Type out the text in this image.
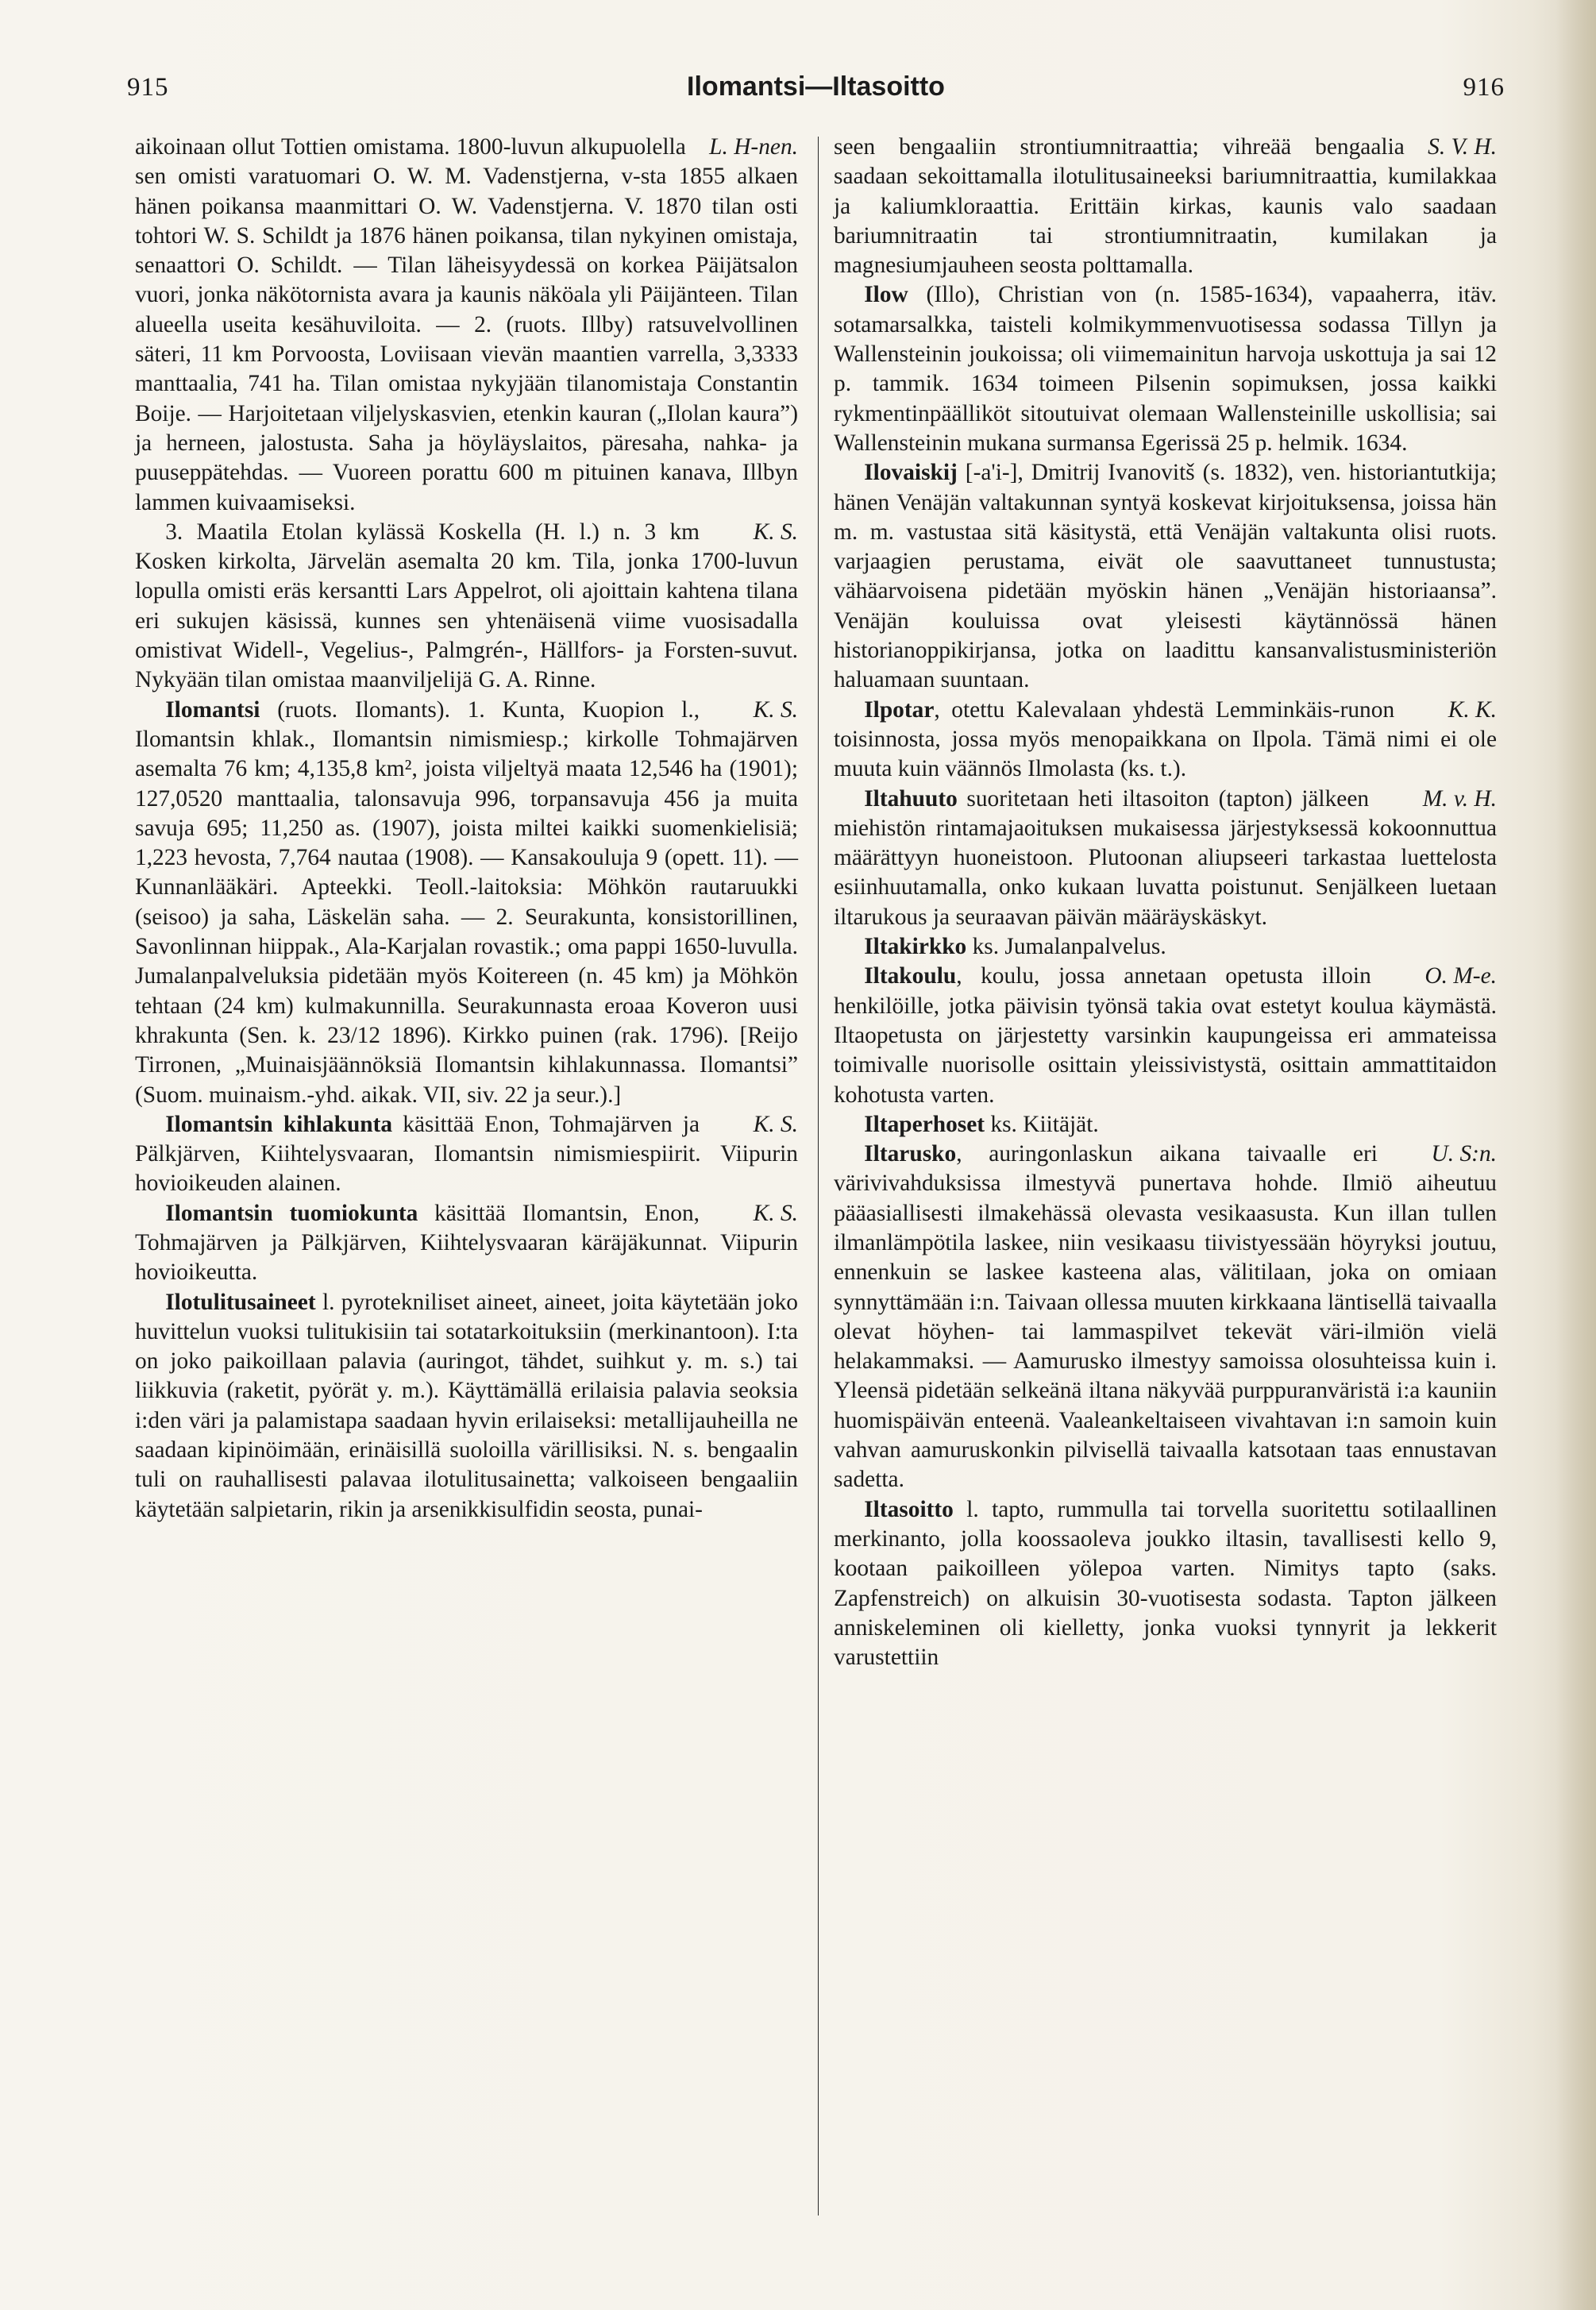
915	Ilomantsi—Iltasoitto	916

L. H-nen.
aikoinaan ollut Tottien omistama. 1800-luvun alkupuolella sen omisti varatuomari O. W. M. Vadenstjerna, v-sta 1855 alkaen hänen poikansa maanmittari O. W. Vadenstjerna. V. 1870 tilan osti tohtori W. S. Schildt ja 1876 hänen poikansa, tilan nykyinen omistaja, senaattori O. Schildt. — Tilan läheisyydessä on korkea Päijätsalon vuori, jonka näkötornista avara ja kaunis näköala yli Päijänteen. Tilan alueella useita kesähuviloita. — 2. (ruots. Illby) ratsuvelvollinen säteri, 11 km Porvoosta, Loviisaan vievän maantien varrella, 3,3333 manttaalia, 741 ha. Tilan omistaa nykyjään tilanomistaja Constantin Boije. — Harjoitetaan viljelyskasvien, etenkin kauran („Ilolan kaura”) ja herneen, jalostusta. Saha ja höyläyslaitos, päresaha, nahka- ja puuseppätehdas. — Vuoreen porattu 600 m pituinen kanava, Illbyn lammen kuivaamiseksi.

K. S.
3. Maatila Etolan kylässä Koskella (H. l.) n. 3 km Kosken kirkolta, Järvelän asemalta 20 km. Tila, jonka 1700-luvun lopulla omisti eräs kersantti Lars Appelrot, oli ajoittain kahtena tilana eri sukujen käsissä, kunnes sen yhtenäisenä viime vuosisadalla omistivat Widell-, Vegelius-, Palmgrén-, Hällfors- ja Forsten-suvut. Nykyään tilan omistaa maanviljelijä G. A. Rinne.

K. S.
Ilomantsi (ruots. Ilomants). 1. Kunta, Kuopion l., Ilomantsin khlak., Ilomantsin nimismiesp.; kirkolle Tohmajärven asemalta 76 km; 4,135,8 km², joista viljeltyä maata 12,546 ha (1901); 127,0520 manttaalia, talonsavuja 996, torpansavuja 456 ja muita savuja 695; 11,250 as. (1907), joista miltei kaikki suomenkielisiä; 1,223 hevosta, 7,764 nautaa (1908). — Kansakouluja 9 (opett. 11). — Kunnanlääkäri. Apteekki. Teoll.-laitoksia: Möhkön rautaruukki (seisoo) ja saha, Läskelän saha. — 2. Seurakunta, konsistorillinen, Savonlinnan hiippak., Ala-Karjalan rovastik.; oma pappi 1650-luvulla. Jumalanpalveluksia pidetään myös Koitereen (n. 45 km) ja Möhkön tehtaan (24 km) kulmakunnilla. Seurakunnasta eroaa Koveron uusi khrakunta (Sen. k. 23/12 1896). Kirkko puinen (rak. 1796). [Reijo Tirronen, „Muinaisjäännöksiä Ilomantsin kihlakunnassa. Ilomantsi” (Suom. muinaism.-yhd. aikak. VII, siv. 22 ja seur.).]

K. S.
Ilomantsin kihlakunta käsittää Enon, Tohmajärven ja Pälkjärven, Kiihtelysvaaran, Ilomantsin nimismiespiirit. Viipurin hovioikeuden alainen.

K. S.
Ilomantsin tuomiokunta käsittää Ilomantsin, Enon, Tohmajärven ja Pälkjärven, Kiihtelysvaaran käräjäkunnat. Viipurin hovioikeutta.

Ilotulitusaineet l. pyrotekniliset aineet, aineet, joita käytetään joko huvittelun vuoksi tulitukisiin tai sotatarkoituksiin (merkinantoon). I:ta on joko paikoillaan palavia (auringot, tähdet, suihkut y. m. s.) tai liikkuvia (raketit, pyörät y. m.). Käyttämällä erilaisia palavia seoksia i:den väri ja palamistapa saadaan hyvin erilaiseksi: metallijauheilla ne saadaan kipinöimään, erinäisillä suoloilla värillisiksi. N. s. bengaalin tuli on rauhallisesti palavaa ilotulitusainetta; valkoiseen bengaaliin käytetään salpietarin, rikin ja arsenikkisulfidin seosta, punai-

S. V. H.
seen bengaaliin strontiumnitraattia; vihreää bengaalia saadaan sekoittamalla ilotulitusaineeksi bariumnitraattia, kumilakkaa ja kaliumkloraattia. Erittäin kirkas, kaunis valo saadaan bariumnitraatin tai strontiumnitraatin, kumilakan ja magnesiumjauheen seosta polttamalla.

Ilow (Illo), Christian von (n. 1585-1634), vapaaherra, itäv. sotamarsalkka, taisteli kolmikymmenvuotisessa sodassa Tillyn ja Wallensteinin joukoissa; oli viimemainitun harvoja uskottuja ja sai 12 p. tammik. 1634 toimeen Pilsenin sopimuksen, jossa kaikki rykmentinpäälliköt sitoutuivat olemaan Wallensteinille uskollisia; sai Wallensteinin mukana surmansa Egerissä 25 p. helmik. 1634.

Ilovaiskij [-a'i-], Dmitrij Ivanovitš (s. 1832), ven. historiantutkija; hänen Venäjän valtakunnan syntyä koskevat kirjoituksensa, joissa hän m. m. vastustaa sitä käsitystä, että Venäjän valtakunta olisi ruots. varjaagien perustama, eivät ole saavuttaneet tunnustusta; vähäarvoisena pidetään myöskin hänen „Venäjän historiaansa”. Venäjän kouluissa ovat yleisesti käytännössä hänen historianoppikirjansa, jotka on laadittu kansanvalistusministeriön haluamaan suuntaan.

K. K.
Ilpotar, otettu Kalevalaan yhdestä Lemminkäis-runon toisinnosta, jossa myös menopaikkana on Ilpola. Tämä nimi ei ole muuta kuin väännös Ilmolasta (ks. t.).

M. v. H.
Iltahuuto suoritetaan heti iltasoiton (tapton) jälkeen miehistön rintamajaoituksen mukaisessa järjestyksessä kokoonnuttua määrättyyn huoneistoon. Plutoonan aliupseeri tarkastaa luettelosta esiinhuutamalla, onko kukaan luvatta poistunut. Senjälkeen luetaan iltarukous ja seuraavan päivän määräyskäskyt.

Iltakirkko ks. Jumalanpalvelus.

O. M-e.
Iltakoulu, koulu, jossa annetaan opetusta illoin henkilöille, jotka päivisin työnsä takia ovat estetyt koulua käymästä. Iltaopetusta on järjestetty varsinkin kaupungeissa eri ammateissa toimivalle nuorisolle osittain yleissivistystä, osittain ammattitaidon kohotusta varten.

Iltaperhoset ks. Kiitäjät.

U. S:n.
Iltarusko, auringonlaskun aikana taivaalle eri värivivahduksissa ilmestyvä punertava hohde. Ilmiö aiheutuu pääasiallisesti ilmakehässä olevasta vesikaasusta. Kun illan tullen ilmanlämpötila laskee, niin vesikaasu tiivistyessään höyryksi joutuu, ennenkuin se laskee kasteena alas, välitilaan, joka on omiaan synnyttämään i:n. Taivaan ollessa muuten kirkkaana läntisellä taivaalla olevat höyhen- tai lammaspilvet tekevät väri-ilmiön vielä helakammaksi. — Aamurusko ilmestyy samoissa olosuhteissa kuin i. Yleensä pidetään selkeänä iltana näkyvää purppuranväristä i:a kauniin huomispäivän enteenä. Vaaleankeltaiseen vivahtavan i:n samoin kuin vahvan aamuruskonkin pilvisellä taivaalla katsotaan taas ennustavan sadetta.

Iltasoitto l. tapto, rummulla tai torvella suoritettu sotilaallinen merkinanto, jolla koossaoleva joukko iltasin, tavallisesti kello 9, kootaan paikoilleen yölepoa varten. Nimitys tapto (saks. Zapfenstreich) on alkuisin 30-vuotisesta sodasta. Tapton jälkeen anniskeleminen oli kielletty, jonka vuoksi tynnyrit ja lekkerit varustettiin
